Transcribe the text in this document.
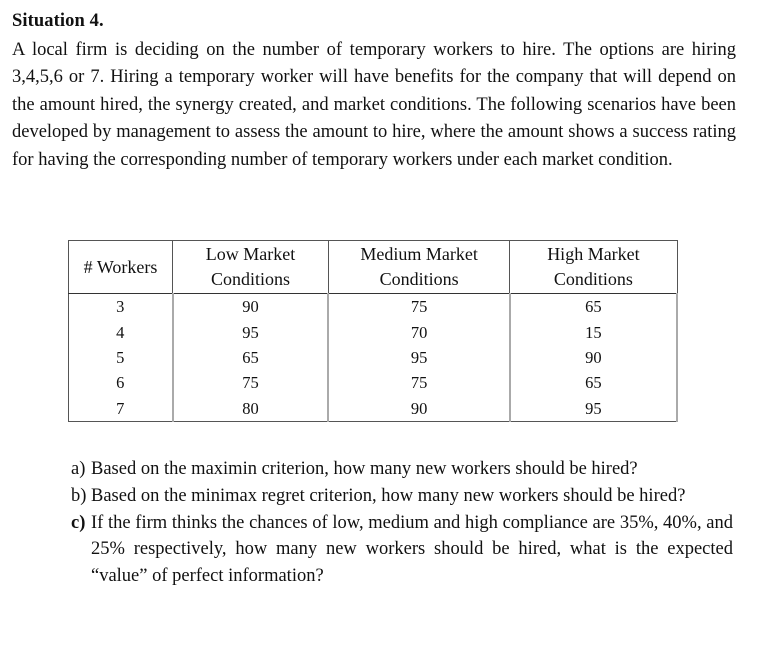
Situation 4.
A local firm is deciding on the number of temporary workers to hire. The options are hiring 3,4,5,6 or 7. Hiring a temporary worker will have benefits for the company that will depend on the amount hired, the synergy created, and market conditions. The following scenarios have been developed by management to assess the amount to hire, where the amount shows a success rating for having the corresponding number of temporary workers under each market condition.
# Workers	Low Market Conditions	Medium Market Conditions	High Market Conditions
3	90	75	65
4	95	70	15
5	65	95	90
6	75	75	65
7	80	90	95
a) Based on the maximin criterion, how many new workers should be hired?
b) Based on the minimax regret criterion, how many new workers should be hired?
c) If the firm thinks the chances of low, medium and high compliance are 35%, 40%, and 25% respectively, how many new workers should be hired, what is the expected “value” of perfect information?
